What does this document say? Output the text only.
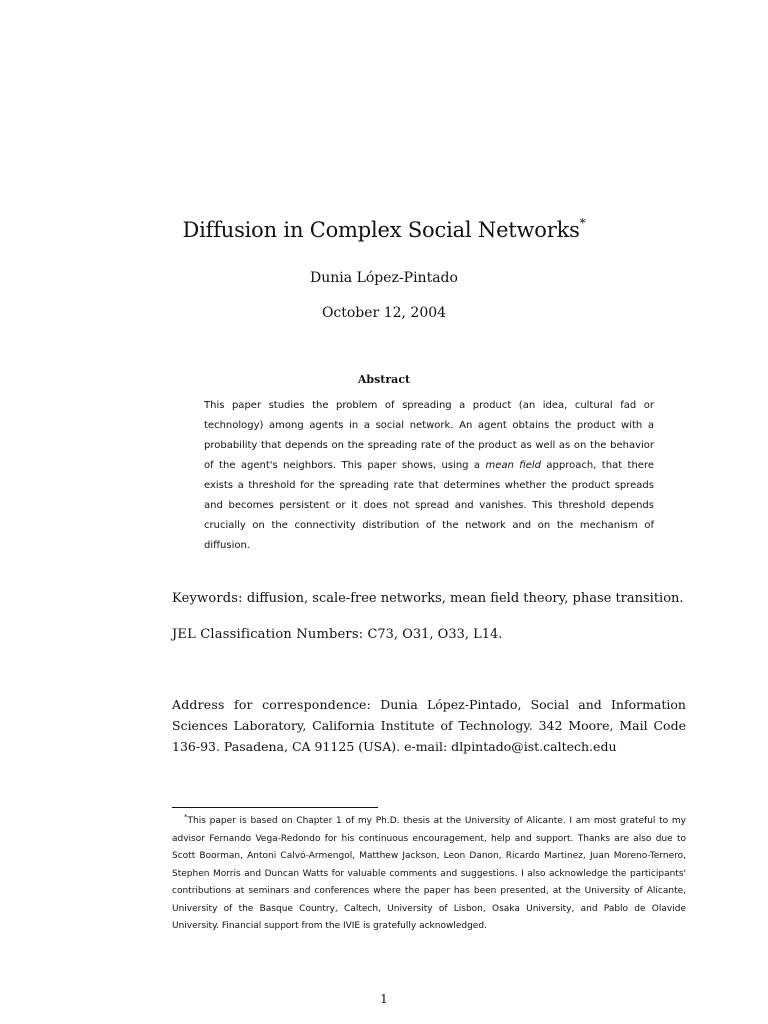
Diffusion in Complex Social Networks*
Dunia López-Pintado
October 12, 2004
Abstract
This paper studies the problem of spreading a product (an idea, cultural fad or technology) among agents in a social network. An agent obtains the product with a probability that depends on the spreading rate of the product as well as on the behavior of the agent's neighbors. This paper shows, using a mean field approach, that there exists a threshold for the spreading rate that determines whether the product spreads and becomes persistent or it does not spread and vanishes. This threshold depends crucially on the connectivity distribution of the network and on the mechanism of diffusion.
Keywords: diffusion, scale-free networks, mean field theory, phase transition.
JEL Classification Numbers: C73, O31, O33, L14.
Address for correspondence: Dunia López-Pintado, Social and Information Sciences Laboratory, California Institute of Technology. 342 Moore, Mail Code 136-93. Pasadena, CA 91125 (USA). e-mail: dlpintado@ist.caltech.edu
*This paper is based on Chapter 1 of my Ph.D. thesis at the University of Alicante. I am most grateful to my advisor Fernando Vega-Redondo for his continuous encouragement, help and support. Thanks are also due to Scott Boorman, Antoni Calvó-Armengol, Matthew Jackson, Leon Danon, Ricardo Martinez, Juan Moreno-Ternero, Stephen Morris and Duncan Watts for valuable comments and suggestions. I also acknowledge the participants' contributions at seminars and conferences where the paper has been presented, at the University of Alicante, University of the Basque Country, Caltech, University of Lisbon, Osaka University, and Pablo de Olavide University. Financial support from the IVIE is gratefully acknowledged.
1
